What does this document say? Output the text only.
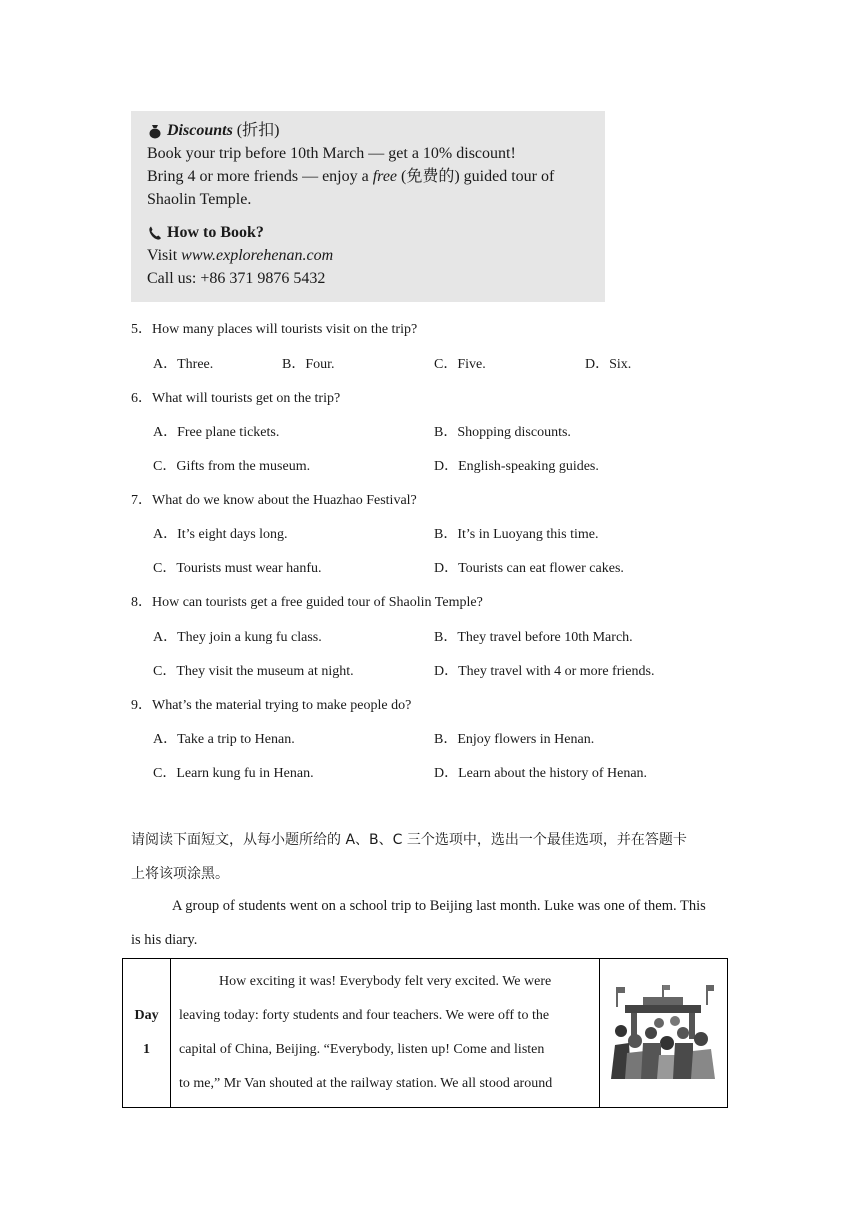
Discounts
(折扣)
Book your trip before 10th March — get a 10% discount!
Bring 4 or more friends — enjoy a free (免费的) guided tour of
Shaolin Temple.
How to Book?
Visit www.explorehenan.com
Call us: +86 371 9876 5432
5．How many places will tourists visit on the trip?
A．Three.	B．Four.	C．Five.	D．Six.
6．What will tourists get on the trip?
A．Free plane tickets.	B．Shopping discounts.
C．Gifts from the museum.	D．English-speaking guides.
7．What do we know about the Huazhao Festival?
A．It’s eight days long.	B．It’s in Luoyang this time.
C．Tourists must wear hanfu.	D．Tourists can eat flower cakes.
8．How can tourists get a free guided tour of Shaolin Temple?
A．They join a kung fu class.	B．They travel before 10th March.
C．They visit the museum at night.	D．They travel with 4 or more friends.
9．What’s the material trying to make people do?
A．Take a trip to Henan.	B．Enjoy flowers in Henan.
C．Learn kung fu in Henan.	D．Learn about the history of Henan.
请阅读下面短文，从每小题所给的 A、B、C 三个选项中，选出一个最佳选项，并在答题卡
上将该项涂黑。
A group of students went on a school trip to Beijing last month. Luke was one of them. This
is his diary.
Day
1

How exciting it was! Everybody felt very excited. We were
leaving today: forty students and four teachers. We were off to the
capital of China, Beijing. “Everybody, listen up! Come and listen
to me,” Mr Van shouted at the railway station. We all stood around
